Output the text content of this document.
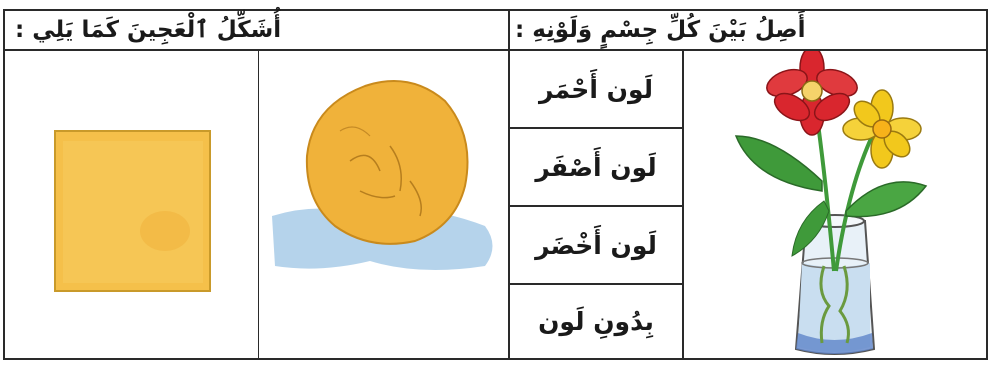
أَصِلُ بَيْنَ كُلِّ جِسْمٍ وَلَوْنِهِ :
أُشَكِّلُ ٱلْعَجِينَ كَمَا يَلِي :
لَون أَحْمَر
لَون أَصْفَر
لَون أَخْضَر
بِدُونِ لَون
